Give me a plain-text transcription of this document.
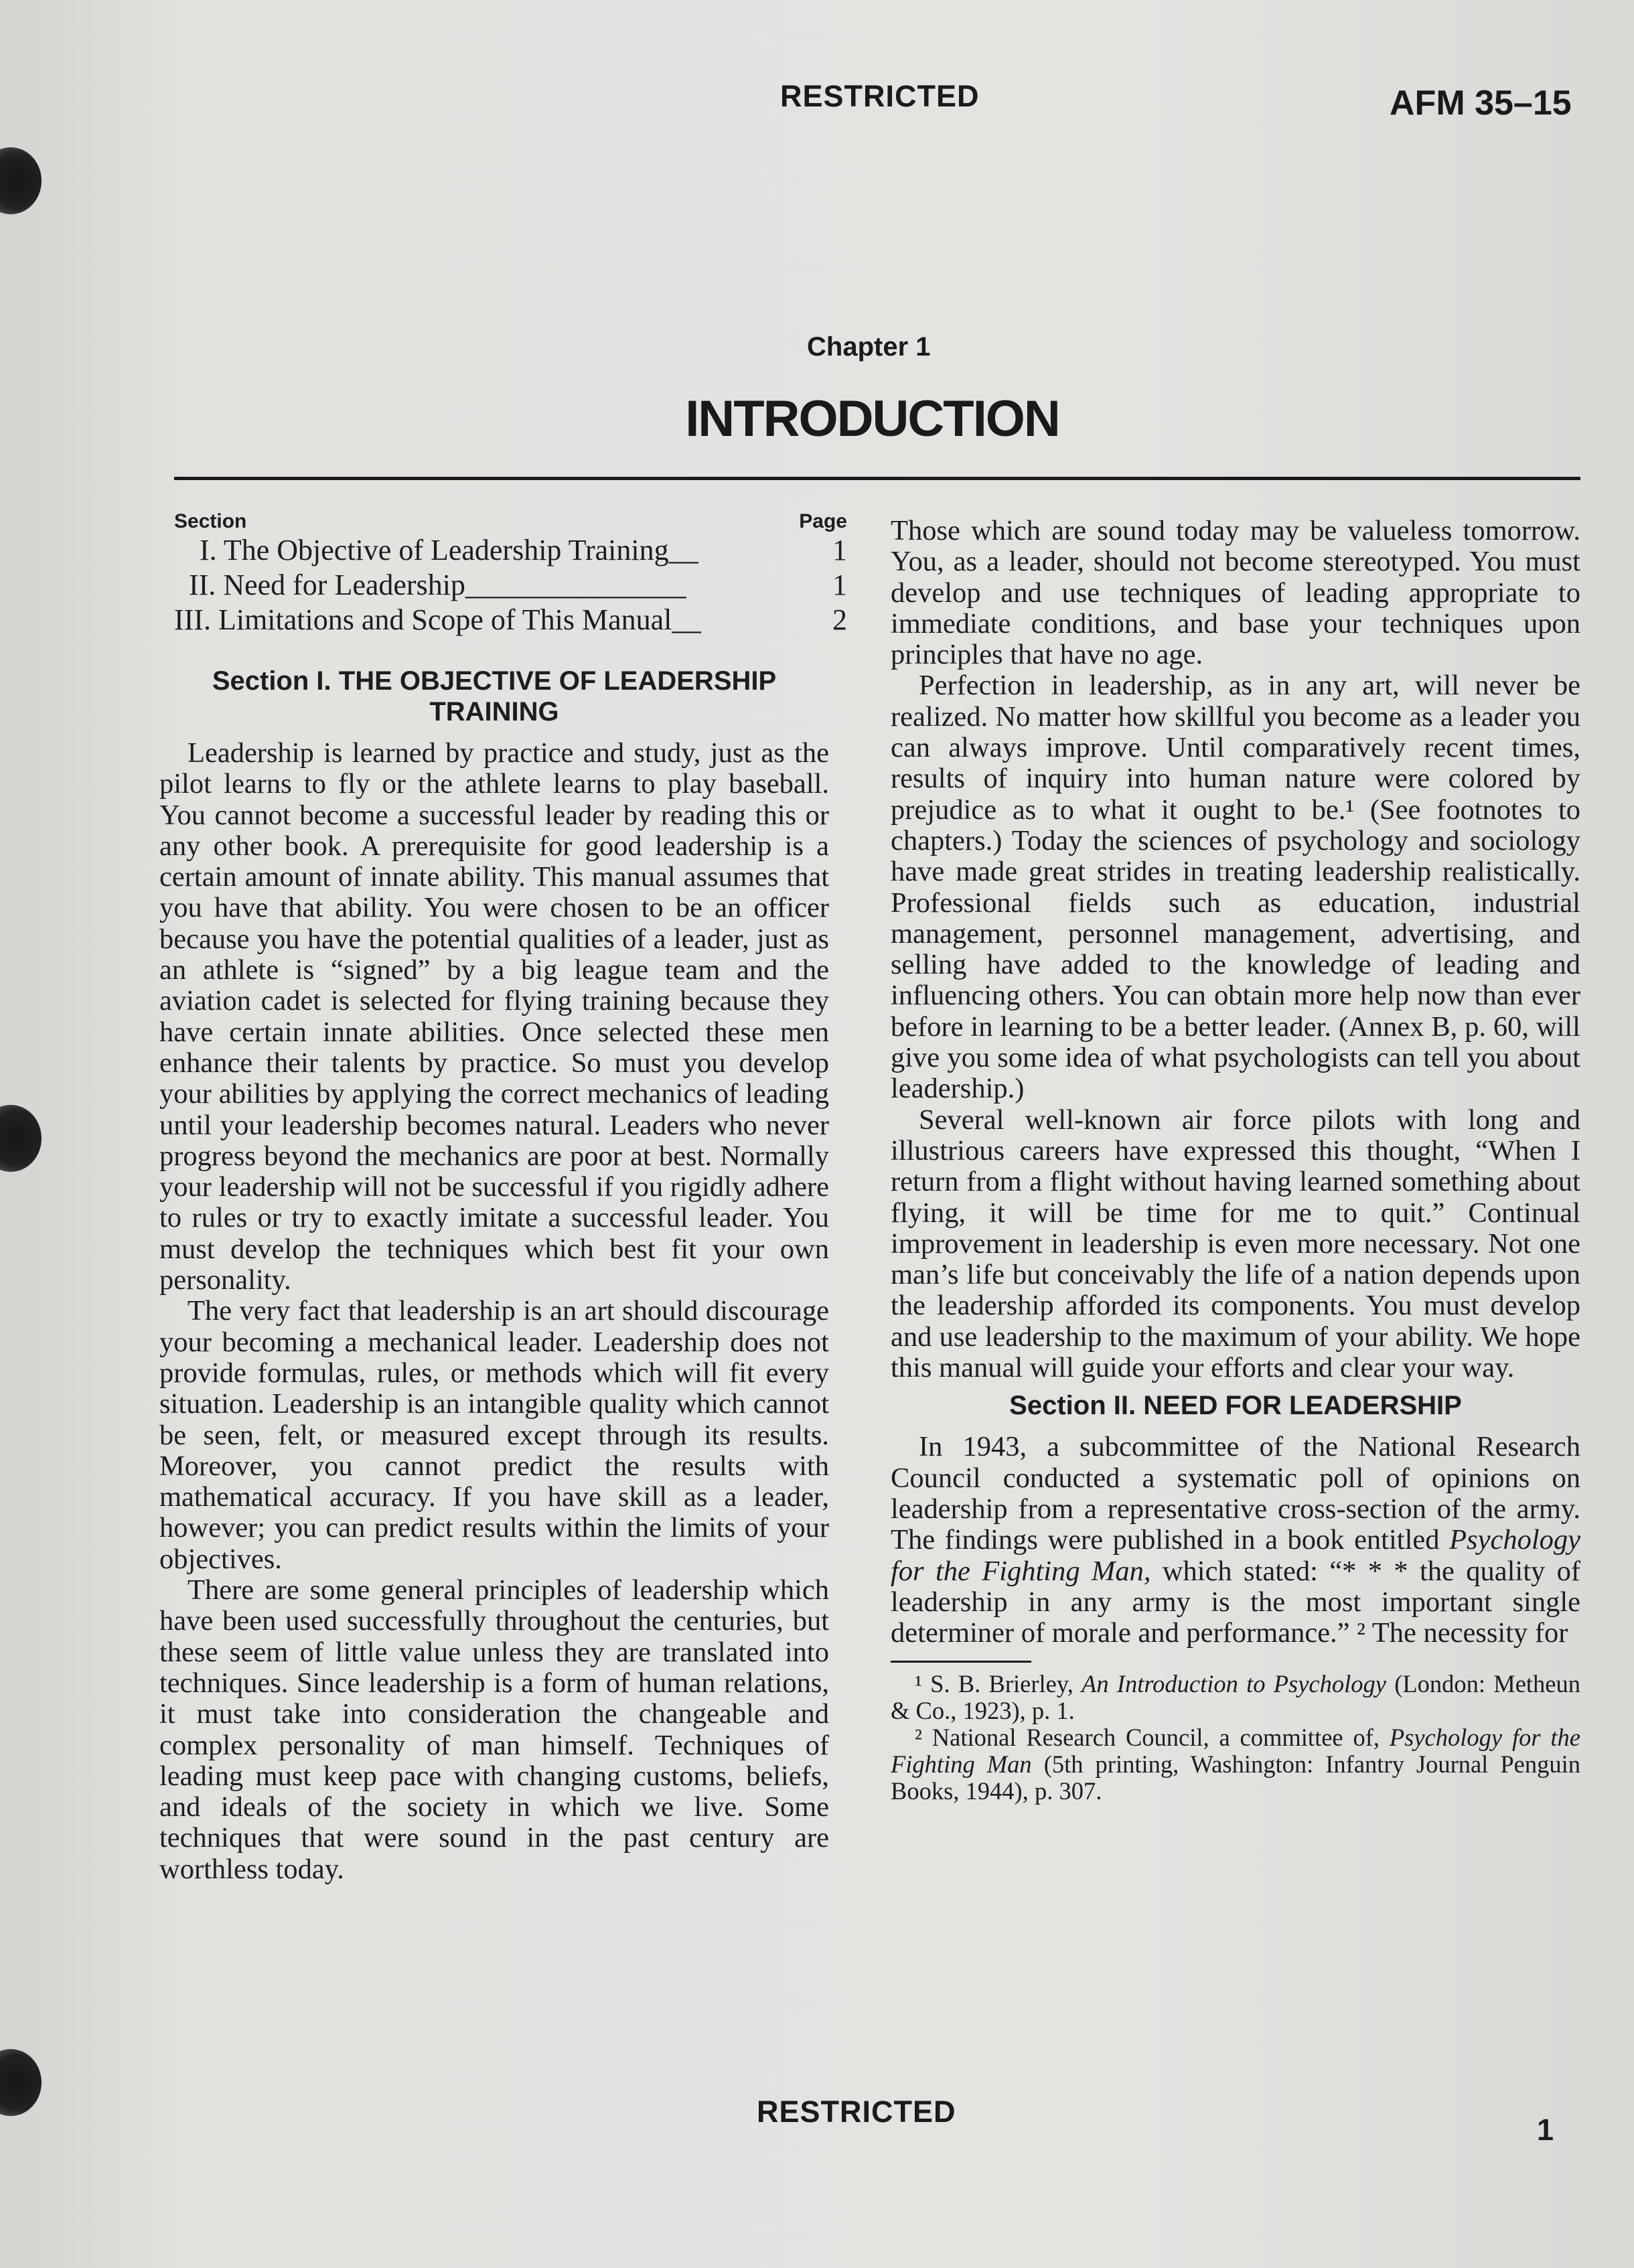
RESTRICTED	AFM 35–15
Chapter 1
INTRODUCTION
Section	Page
I. The Objective of Leadership Training__	1
II. Need for Leadership_______________	1
III. Limitations and Scope of This Manual__	2
Section I. THE OBJECTIVE OF LEADERSHIP
TRAINING

Leadership is learned by practice and study, just as the pilot learns to fly or the athlete learns to play baseball. You cannot become a successful leader by reading this or any other book. A prerequisite for good leadership is a certain amount of innate ability. This manual assumes that you have that ability. You were chosen to be an officer because you have the potential qualities of a leader, just as an athlete is “signed” by a big league team and the aviation cadet is selected for flying training because they have certain innate abilities. Once selected these men enhance their talents by practice. So must you develop your abilities by applying the correct mechanics of leading until your leadership becomes natural. Leaders who never progress beyond the mechanics are poor at best. Normally your leadership will not be successful if you rigidly adhere to rules or try to exactly imitate a successful leader. You must develop the techniques which best fit your own personality.

The very fact that leadership is an art should discourage your becoming a mechanical leader. Leadership does not provide formulas, rules, or methods which will fit every situation. Leadership is an intangible quality which cannot be seen, felt, or measured except through its results. Moreover, you cannot predict the results with mathematical accuracy. If you have skill as a leader, however; you can predict results within the limits of your objectives.

There are some general principles of leadership which have been used successfully throughout the centuries, but these seem of little value unless they are translated into techniques. Since leadership is a form of human relations, it must take into consideration the changeable and complex personality of man himself. Techniques of leading must keep pace with changing customs, beliefs, and ideals of the society in which we live. Some techniques that were sound in the past century are worthless today.

Those which are sound today may be valueless tomorrow. You, as a leader, should not become stereotyped. You must develop and use techniques of leading appropriate to immediate conditions, and base your techniques upon principles that have no age.

Perfection in leadership, as in any art, will never be realized. No matter how skillful you become as a leader you can always improve. Until comparatively recent times, results of inquiry into human nature were colored by prejudice as to what it ought to be.¹ (See footnotes to chapters.) Today the sciences of psychology and sociology have made great strides in treating leadership realistically. Professional fields such as education, industrial management, personnel management, advertising, and selling have added to the knowledge of leading and influencing others. You can obtain more help now than ever before in learning to be a better leader. (Annex B, p. 60, will give you some idea of what psychologists can tell you about leadership.)

Several well-known air force pilots with long and illustrious careers have expressed this thought, “When I return from a flight without having learned something about flying, it will be time for me to quit.” Continual improvement in leadership is even more necessary. Not one man’s life but conceivably the life of a nation depends upon the leadership afforded its components. You must develop and use leadership to the maximum of your ability. We hope this manual will guide your efforts and clear your way.

Section II. NEED FOR LEADERSHIP

In 1943, a subcommittee of the National Research Council conducted a systematic poll of opinions on leadership from a representative cross-section of the army. The findings were published in a book entitled Psychology for the Fighting Man, which stated: “* * * the quality of leadership in any army is the most important single determiner of morale and performance.” ² The necessity for

¹ S. B. Brierley, An Introduction to Psychology (London: Metheun & Co., 1923), p. 1.

² National Research Council, a committee of, Psychology for the Fighting Man (5th printing, Washington: Infantry Journal Penguin Books, 1944), p. 307.

RESTRICTED
1
